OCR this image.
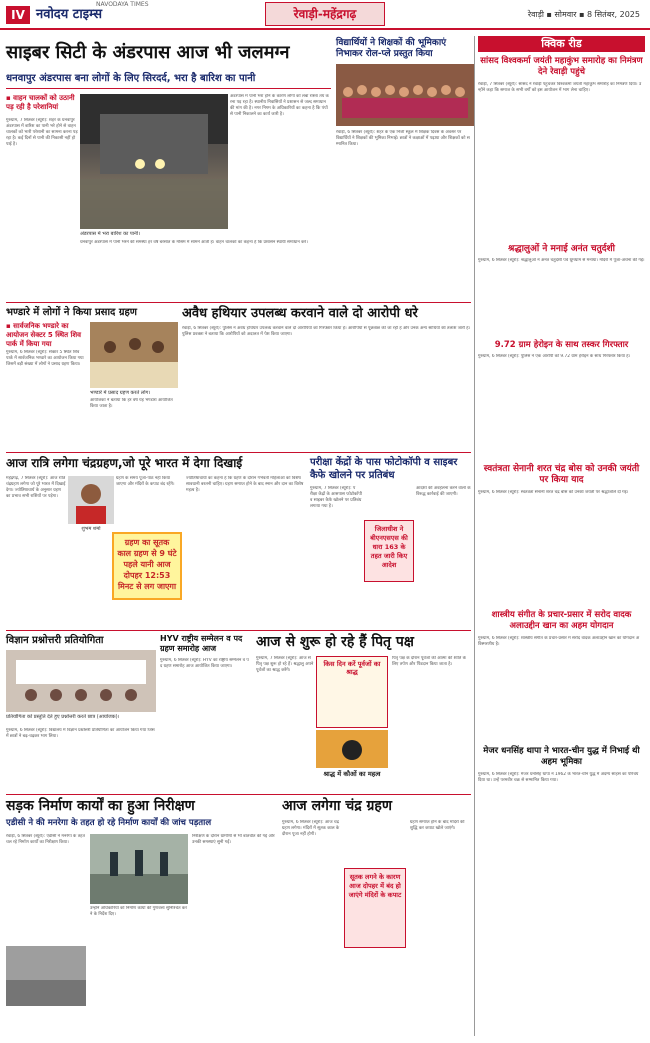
IV नवोदय टाइम्स
NAVODAYA TIMES
रेवाड़ी-महेंद्रगढ़	रेवाड़ी ▪ सोमवार ▪ 8 सितंबर, 2025
साइबर सिटी के अंडरपास आज भी जलमग्न
धनवापुर अंडरपास बना लोगों के लिए सिरदर्द, भरा है बारिश का पानी
▪ वाहन चालकों को उठानी पड़ रही है परेशानियां
गुरुग्राम, 7 सितंबर (ब्यूरो): शहर के धनवापुर अंडरपास में बारिश का पानी भरे होने से वाहन चालकों को भारी परेशानी का सामना करना पड़ रहा है। कई दिनों से पानी की निकासी नहीं हो पाई है।
अंडरपास में भरा बारिश का पानी।
अंडरपास में पानी भरा होने के कारण लोगों को लंबा रास्ता तय करना पड़ रहा है। स्थानीय निवासियों ने प्रशासन से जल्द समाधान की मांग की है। नगर निगम के अधिकारियों का कहना है कि पंपों से पानी निकालने का कार्य जारी है।
धनवापुर अंडरपास में पानी भरने की समस्या हर वर्ष बरसात के मौसम में सामने आती है। वाहन चालकों का कहना है कि प्रशासन स्थायी समाधान करे।
विद्यार्थियों ने शिक्षकों की भूमिकाएं निभाकर रोल-प्ले प्रस्तुत किया
रेवाड़ी, 6 सितंबर (ब्यूरो): शहर के एक निजी स्कूल में शिक्षक दिवस के अवसर पर विद्यार्थियों ने शिक्षकों की भूमिका निभाई। छात्रों ने कक्षाओं में पढ़ाया और शिक्षकों को सम्मानित किया।
क्विक रीड
सांसद विश्वकर्मा जयंती महाकुंभ समारोह का निमंत्रण देने रेवाड़ी पहुंचे
रेवाड़ी, 7 सितंबर (ब्यूरो): सांसद ने रेवाड़ी पहुंचकर विश्वकर्मा जयंती महाकुंभ समारोह का निमंत्रण दिया। उन्होंने कहा कि समाज के सभी वर्गों को इस आयोजन में भाग लेना चाहिए।
श्रद्धालुओं ने मनाई अनंत चतुर्दशी
गुरुग्राम, 6 सितंबर (ब्यूरो): श्रद्धालुओं ने अनंत चतुर्दशी पर्व धूमधाम से मनाया। मंदिरों में पूजा-अर्चना की गई।
9.72 ग्राम हेरोइन के साथ तस्कर गिरफ्तार
गुरुग्राम, 6 सितंबर (ब्यूरो): पुलिस ने एक आरोपी को 9.72 ग्राम हेरोइन के साथ गिरफ्तार किया है।
स्वतंत्रता सेनानी शरत चंद्र बोस को उनकी जयंती पर किया याद
गुरुग्राम, 6 सितंबर (ब्यूरो): स्वतंत्रता सेनानी शरत चंद्र बोस को उनकी जयंती पर श्रद्धांजलि दी गई।
शास्त्रीय संगीत के प्रचार-प्रसार में सरोद वादक अलाउद्दीन खान का अहम योगदान
गुरुग्राम, 6 सितंबर (ब्यूरो): शास्त्रीय संगीत के प्रचार-प्रसार में सरोद वादक अलाउद्दीन खान का योगदान अविस्मरणीय है।
मेजर धनसिंह थापा ने भारत-चीन युद्ध में निभाई थी अहम भूमिका
गुरुग्राम, 6 सितंबर (ब्यूरो): मेजर धनसिंह थापा ने 1962 के भारत-चीन युद्ध में अदम्य साहस का परिचय दिया था। उन्हें परमवीर चक्र से सम्मानित किया गया।
भण्डारे में लोगों ने किया प्रसाद ग्रहण
▪ सार्वजनिक भण्डारे का आयोजन सेक्टर 5 स्थित शिव पार्क में किया गया
गुरुग्राम, 6 सितंबर (ब्यूरो): सेक्टर 5 स्थित शिव पार्क में सार्वजनिक भण्डारे का आयोजन किया गया जिसमें बड़ी संख्या में लोगों ने प्रसाद ग्रहण किया।
भण्डारे में प्रसाद ग्रहण करते लोग।
आयोजकों ने बताया कि हर वर्ष यह भण्डारा आयोजित किया जाता है।
अवैध हथियार उपलब्ध करवाने वाले दो आरोपी धरे
रेवाड़ी, 6 सितंबर (ब्यूरो): पुलिस ने अवैध हथियार उपलब्ध करवाने वाले दो आरोपियों को गिरफ्तार किया है। आरोपियों से पूछताछ की जा रही है और उनके अन्य साथियों की तलाश जारी है। पुलिस प्रवक्ता ने बताया कि आरोपियों को अदालत में पेश किया जाएगा।
आज रात्रि लगेगा चंद्रग्रहण,जो पूरे भारत में देगा दिखाई
महेंद्रगढ़, 7 सितंबर (ब्यूरो): आज रात्रि चंद्रग्रहण लगेगा जो पूरे भारत में दिखाई देगा। ज्योतिषाचार्य के अनुसार ग्रहण का प्रभाव सभी राशियों पर पड़ेगा।
शुभम शर्मा
ग्रहण के समय पूजा-पाठ नहीं किया जाएगा और मंदिरों के कपाट बंद रहेंगे।
ग्रहण का सूतक काल ग्रहण से 9 घंटे पहले यानी आज दोपहर 12:53 मिनट से लग जाएगा
ज्योतिषाचार्यों का कहना है कि ग्रहण के दौरान गर्भवती महिलाओं को विशेष सावधानी बरतनी चाहिए। ग्रहण समाप्त होने के बाद स्नान और दान का विशेष महत्व है।
परीक्षा केंद्रों के पास फोटोकॉपी व साइबर कैफे खोलने पर प्रतिबंध
गुरुग्राम, 7 सितंबर (ब्यूरो): परीक्षा केंद्रों के आसपास फोटोकॉपी व साइबर कैफे खोलने पर प्रतिबंध लगाया गया है।
जिलाधीश ने बीएनएसएस की धारा 163 के तहत जारी किए आदेश
आदेशों की अवहेलना करने वालों के विरुद्ध कार्रवाई की जाएगी।
विज्ञान प्रश्नोत्तरी प्रतियोगिता
प्रतियोगिता को प्रस्तुति देते हुए प्रश्नोत्तरी करते छात्र (आयोजक)।
गुरुग्राम, 6 सितंबर (ब्यूरो): विद्यालय में विज्ञान प्रश्नोत्तरी प्रतियोगिता का आयोजन किया गया जिसमें छात्रों ने बढ़-चढ़कर भाग लिया।
HYV राष्ट्रीय सम्मेलन व पद ग्रहण समारोह आज
गुरुग्राम, 6 सितंबर (ब्यूरो): HYV का राष्ट्रीय सम्मेलन व पद ग्रहण समारोह आज आयोजित किया जाएगा।
आज से शुरू हो रहे हैं पितृ पक्ष
गुरुग्राम, 7 सितंबर (ब्यूरो): आज से पितृ पक्ष शुरू हो रहे हैं। श्रद्धालु अपने पूर्वजों का श्राद्ध करेंगे।
किस दिन करें पूर्वजों का श्राद्ध
श्राद्ध में कौओं का महत्व
पितृ पक्ष के दौरान पूर्वजों की आत्मा की शांति के लिए तर्पण और पिंडदान किया जाता है।
सड़क निर्माण कार्यों का हुआ निरीक्षण
एडीसी ने की मनरेगा के तहत हो रहे निर्माण कार्यों की जांच पड़ताल
रेवाड़ी, 6 सितंबर (ब्यूरो): एडीसी ने मनरेगा के तहत चल रहे निर्माण कार्यों का निरीक्षण किया।
उन्होंने अधिकारियों को निर्माण कार्यों की गुणवत्ता सुनिश्चित करने के निर्देश दिए।
निरीक्षण के दौरान ग्रामीणों से भी बातचीत की गई और उनकी समस्याएं सुनी गईं।
आज लगेगा चंद्र ग्रहण
गुरुग्राम, 6 सितंबर (ब्यूरो): आज चंद्र ग्रहण लगेगा। मंदिरों में सूतक काल के दौरान पूजा नहीं होगी।
सूतक लगने के कारण आज दोपहर में बंद हो जाएंगे मंदिरों के कपाट
ग्रहण समाप्त होने के बाद मंदिरों की शुद्धि कर कपाट खोले जाएंगे।
